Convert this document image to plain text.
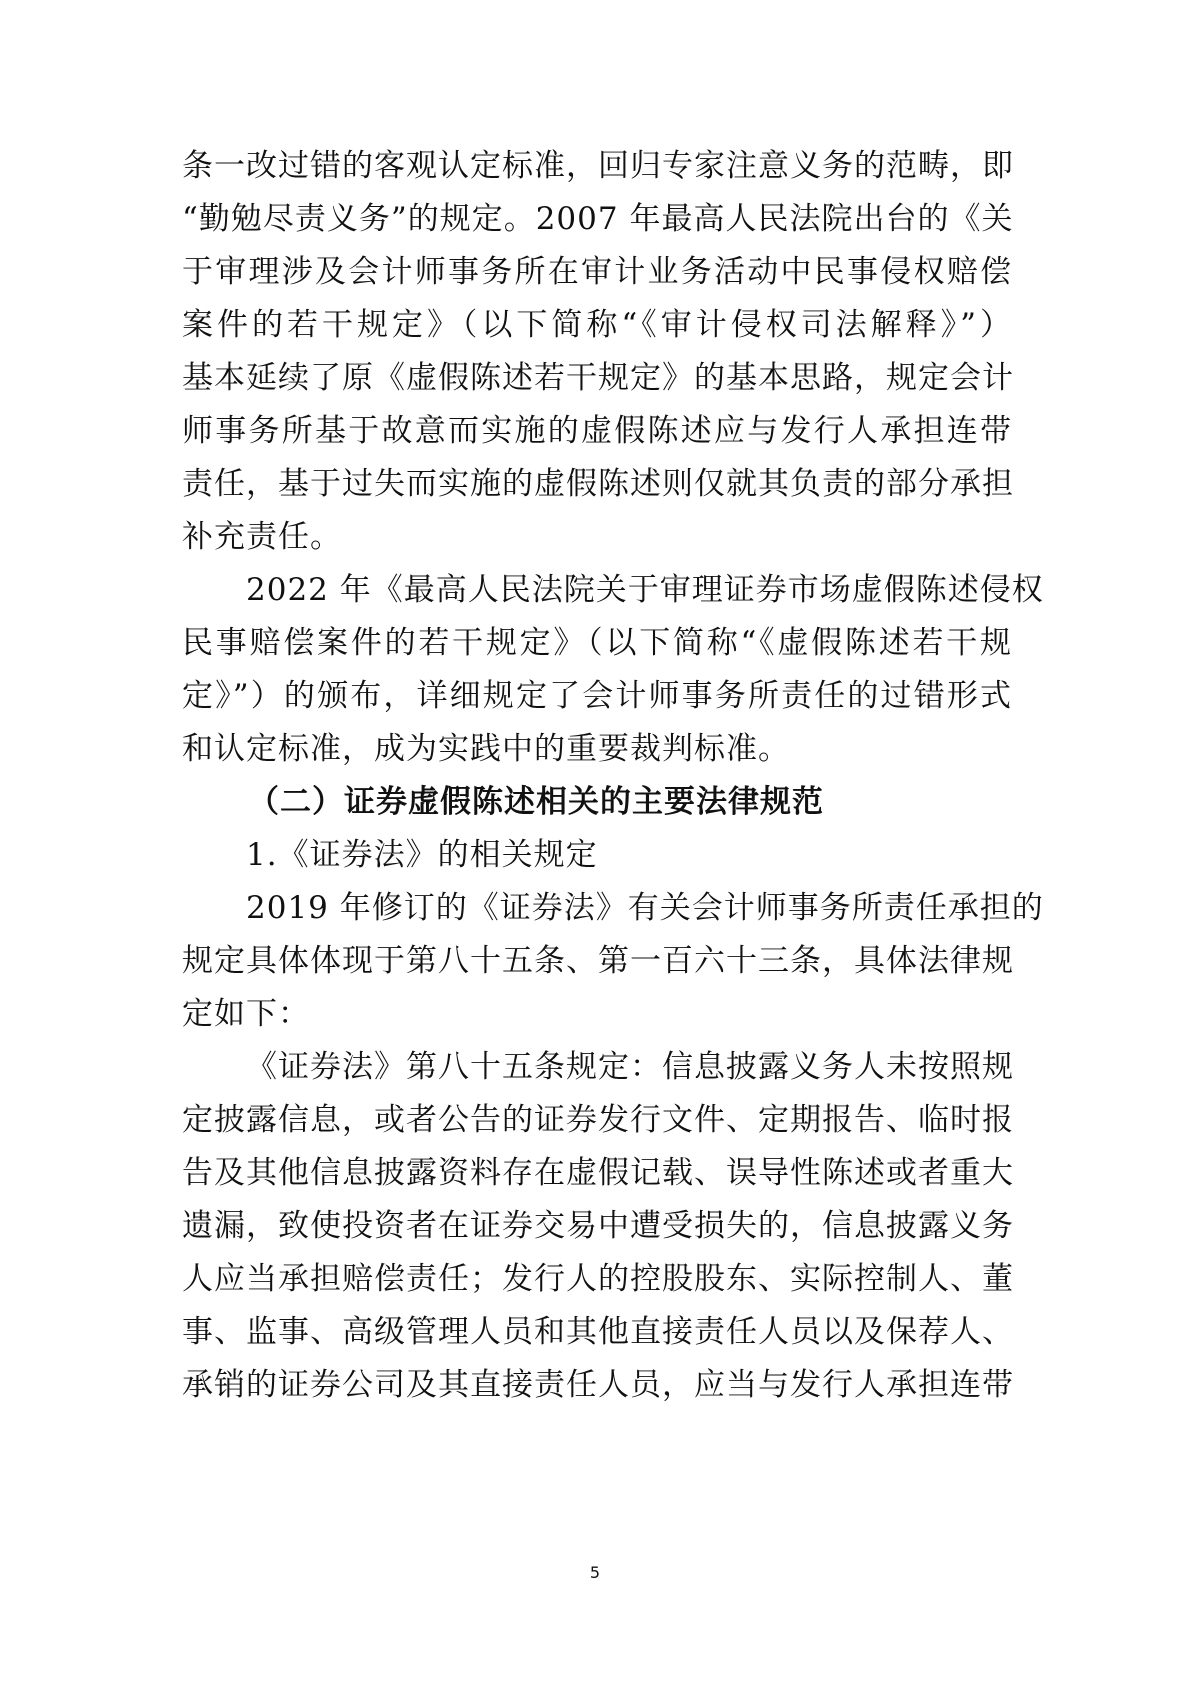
条一改过错的客观认定标准，回归专家注意义务的范畴，即
“勤勉尽责义务”的规定。2007 年最高人民法院出台的《关
于审理涉及会计师事务所在审计业务活动中民事侵权赔偿
案件的若干规定》（以下简称“《审计侵权司法解释》”）
基本延续了原《虚假陈述若干规定》的基本思路，规定会计
师事务所基于故意而实施的虚假陈述应与发行人承担连带
责任，基于过失而实施的虚假陈述则仅就其负责的部分承担
补充责任。
2022 年《最高人民法院关于审理证券市场虚假陈述侵权
民事赔偿案件的若干规定》（以下简称“《虚假陈述若干规
定》”）的颁布，详细规定了会计师事务所责任的过错形式
和认定标准，成为实践中的重要裁判标准。
（二）证券虚假陈述相关的主要法律规范
1.《证券法》的相关规定
2019 年修订的《证券法》有关会计师事务所责任承担的
规定具体体现于第八十五条、第一百六十三条，具体法律规
定如下：
《证券法》第八十五条规定：信息披露义务人未按照规
定披露信息，或者公告的证券发行文件、定期报告、临时报
告及其他信息披露资料存在虚假记载、误导性陈述或者重大
遗漏，致使投资者在证券交易中遭受损失的，信息披露义务
人应当承担赔偿责任；发行人的控股股东、实际控制人、董
事、监事、高级管理人员和其他直接责任人员以及保荐人、
承销的证券公司及其直接责任人员，应当与发行人承担连带
5
